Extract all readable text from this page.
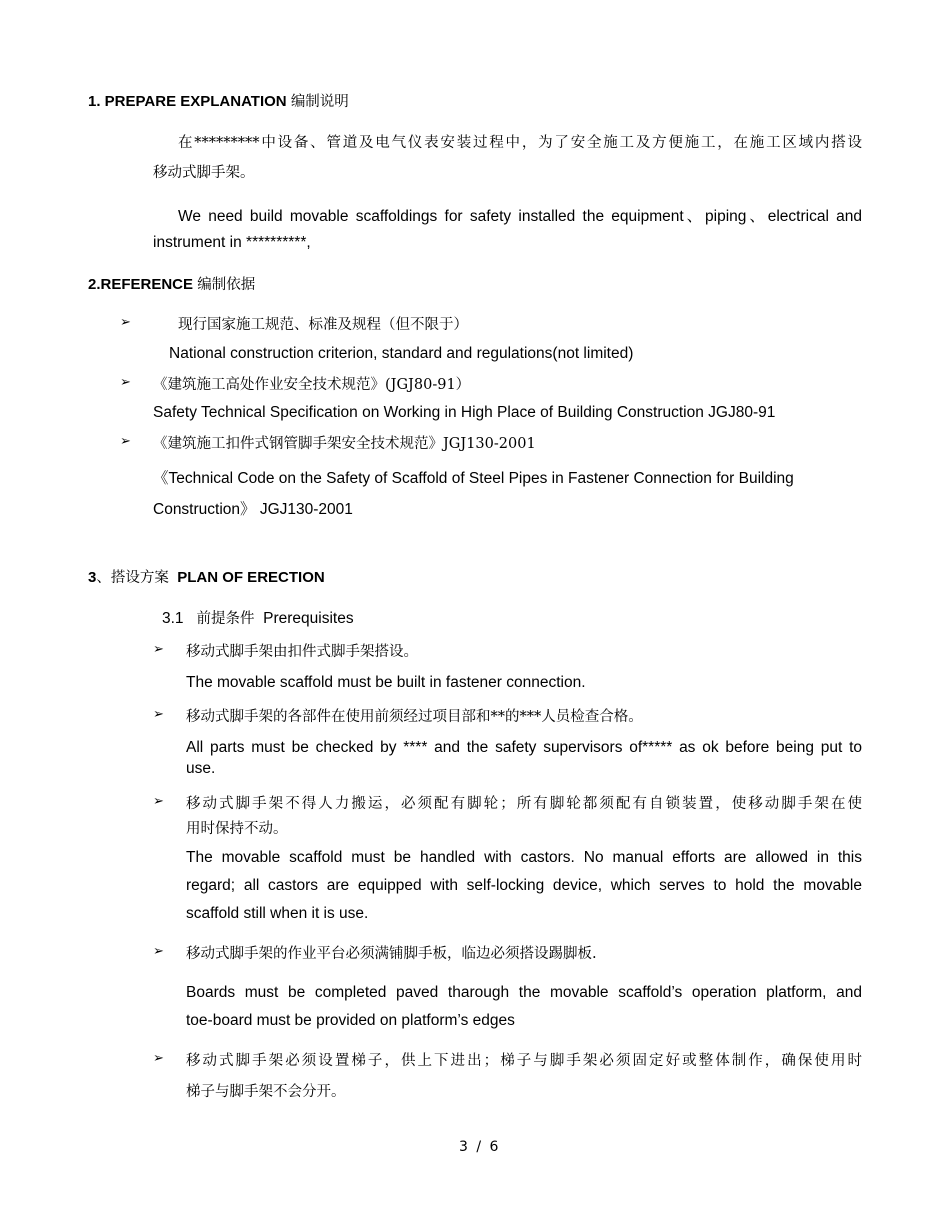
1. PREPARE EXPLANATION 编制说明
在*********中设备、管道及电气仪表安装过程中，为了安全施工及方便施工，在施工区域内搭设
移动式脚手架。
We need build movable scaffoldings for safety installed the equipment、piping、electrical and
instrument in **********,
2.REFERENCE 编制依据
➢	现行国家施工规范、标准及规程（但不限于）
National construction criterion, standard and regulations(not limited)
➢ 《建筑施工高处作业安全技术规范》(JGJ80-91）
Safety Technical Specification on Working in High Place of Building Construction JGJ80-91
➢ 《建筑施工扣件式钢管脚手架安全技术规范》JGJ130-2001
《Technical Code on the Safety of Scaffold of Steel Pipes in Fastener Connection for Building
Construction》 JGJ130-2001
3、搭设方案 PLAN OF ERECTION
3.1 前提条件 Prerequisites
➢ 移动式脚手架由扣件式脚手架搭设。
The movable scaffold must be built in fastener connection.
➢ 移动式脚手架的各部件在使用前须经过项目部和**的***人员检查合格。
All parts must be checked by **** and the safety supervisors of***** as ok before being put to
use.
➢ 移动式脚手架不得人力搬运，必须配有脚轮；所有脚轮都须配有自锁装置，使移动脚手架在使
用时保持不动。
The movable scaffold must be handled with castors. No manual efforts are allowed in this
regard; all castors are equipped with self-locking device, which serves to hold the movable
scaffold still when it is use.
➢ 移动式脚手架的作业平台必须满铺脚手板，临边必须搭设踢脚板.
Boards must be completed paved tharough the movable scaffold’s operation platform, and
toe-board must be provided on platform’s edges
➢ 移动式脚手架必须设置梯子，供上下进出；梯子与脚手架必须固定好或整体制作，确保使用时
梯子与脚手架不会分开。
3 / 6
